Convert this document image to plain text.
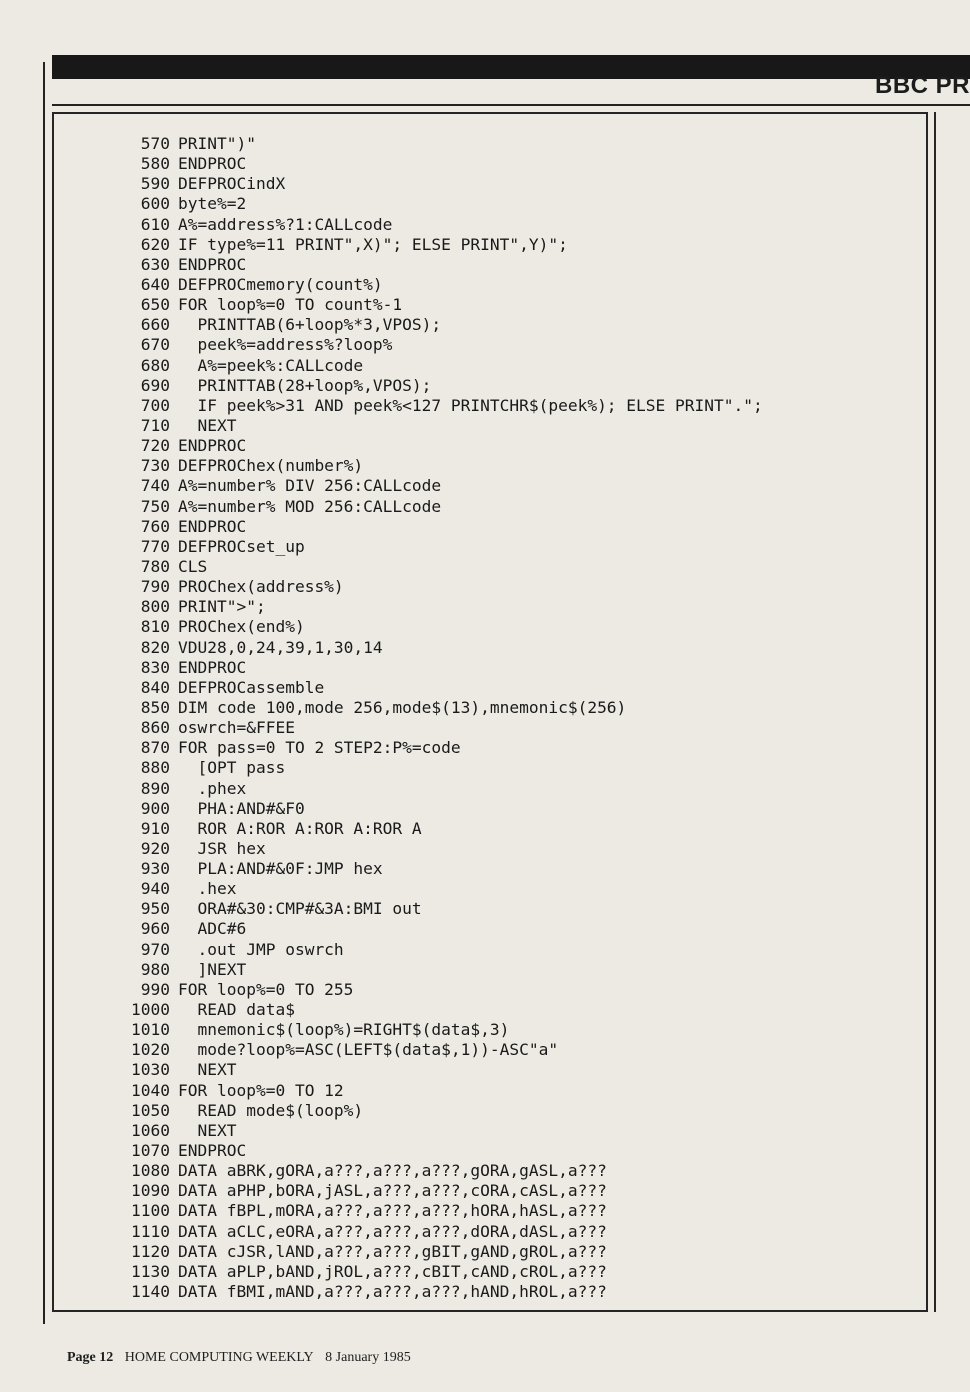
BBC PR
570 PRINT")"
580 ENDPROC
590 DEFPROCindX
600 byte%=2
610 A%=address%?1:CALLcode
620 IF type%=11 PRINT",X)"; ELSE PRINT",Y)";
630 ENDPROC
640 DEFPROCmemory(count%)
650 FOR loop%=0 TO count%-1
660 PRINTTAB(6+loop%*3,VPOS);
670 peek%=address%?loop%
680 A%=peek%:CALLcode
690 PRINTTAB(28+loop%,VPOS);
700 IF peek%>31 AND peek%<127 PRINTCHR$(peek%); ELSE PRINT".";
710 NEXT
720 ENDPROC
730 DEFPROChex(number%)
740 A%=number% DIV 256:CALLcode
750 A%=number% MOD 256:CALLcode
760 ENDPROC
770 DEFPROCset_up
780 CLS
790 PROChex(address%)
800 PRINT">";
810 PROChex(end%)
820 VDU28,0,24,39,1,30,14
830 ENDPROC
840 DEFPROCassemble
850 DIM code 100,mode 256,mode$(13),mnemonic$(256)
860 oswrch=&FFEE
870 FOR pass=0 TO 2 STEP2:P%=code
880 [OPT pass
890 .phex
900 PHA:AND#&F0
910 ROR A:ROR A:ROR A:ROR A
920 JSR hex
930 PLA:AND#&0F:JMP hex
940 .hex
950 ORA#&30:CMP#&3A:BMI out
960 ADC#6
970 .out JMP oswrch
980 ]NEXT
990 FOR loop%=0 TO 255
1000 READ data$
1010 mnemonic$(loop%)=RIGHT$(data$,3)
1020 mode?loop%=ASC(LEFT$(data$,1))-ASC"a"
1030 NEXT
1040 FOR loop%=0 TO 12
1050 READ mode$(loop%)
1060 NEXT
1070 ENDPROC
1080 DATA aBRK,gORA,a???,a???,a???,gORA,gASL,a???
1090 DATA aPHP,bORA,jASL,a???,a???,cORA,cASL,a???
1100 DATA fBPL,mORA,a???,a???,a???,hORA,hASL,a???
1110 DATA aCLC,eORA,a???,a???,a???,dORA,dASL,a???
1120 DATA cJSR,lAND,a???,a???,gBIT,gAND,gROL,a???
1130 DATA aPLP,bAND,jROL,a???,cBIT,cAND,cROL,a???
1140 DATA fBMI,mAND,a???,a???,a???,hAND,hROL,a???
Page 12 HOME COMPUTING WEEKLY 8 January 1985
